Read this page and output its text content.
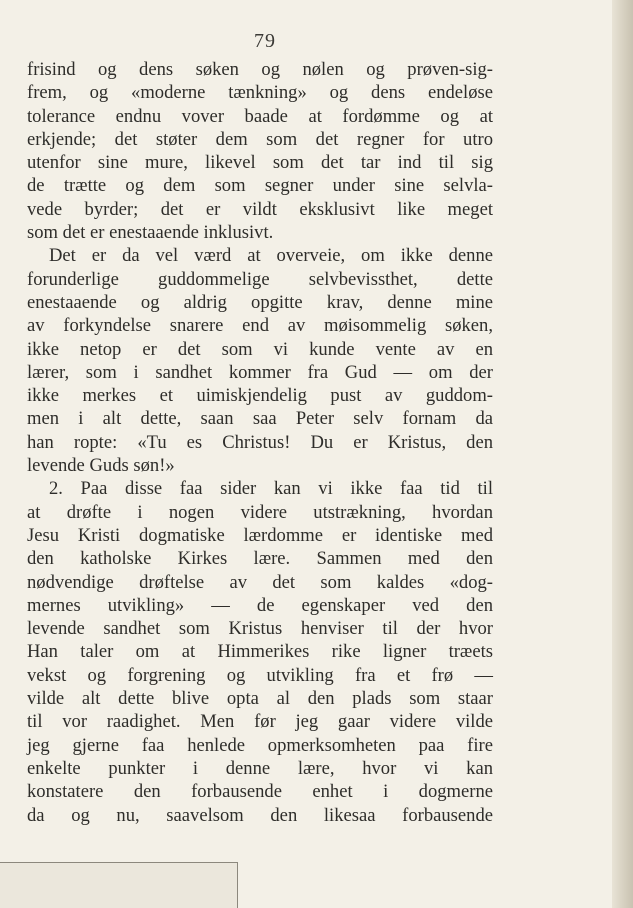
79
frisind og dens søken og nølen og prøven-sig-
frem, og «moderne tænkning» og dens endeløse
tolerance endnu vover baade at fordømme og at
erkjende; det støter dem som det regner for utro
utenfor sine mure, likevel som det tar ind til sig
de trætte og dem som segner under sine selvla-
vede byrder; det er vildt eksklusivt like meget
som det er enestaaende inklusivt.
Det er da vel værd at overveie, om ikke denne
forunderlige guddommelige selvbevissthet, dette
enestaaende og aldrig opgitte krav, denne mine
av forkyndelse snarere end av møisommelig søken,
ikke netop er det som vi kunde vente av en
lærer, som i sandhet kommer fra Gud — om der
ikke merkes et uimiskjendelig pust av guddom-
men i alt dette, saan saa Peter selv fornam da
han ropte: «Tu es Christus! Du er Kristus, den
levende Guds søn!»
2. Paa disse faa sider kan vi ikke faa tid til
at drøfte i nogen videre utstrækning, hvordan
Jesu Kristi dogmatiske lærdomme er identiske med
den katholske Kirkes lære. Sammen med den
nødvendige drøftelse av det som kaldes «dog-
mernes utvikling» — de egenskaper ved den
levende sandhet som Kristus henviser til der hvor
Han taler om at Himmerikes rike ligner træets
vekst og forgrening og utvikling fra et frø —
vilde alt dette blive opta al den plads som staar
til vor raadighet. Men før jeg gaar videre vilde
jeg gjerne faa henlede opmerksomheten paa fire
enkelte punkter i denne lære, hvor vi kan
konstatere den forbausende enhet i dogmerne
da og nu, saavelsom den likesaa forbausende
